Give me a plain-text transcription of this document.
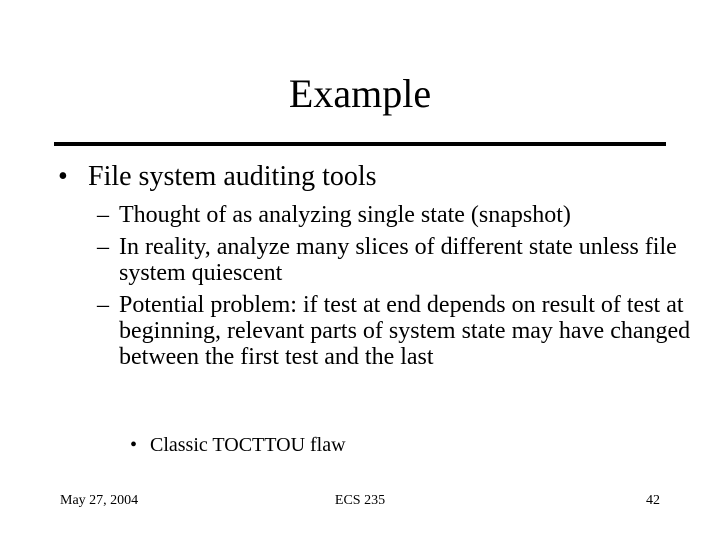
Example
• File system auditing tools
– Thought of as analyzing single state (snapshot)
– In reality, analyze many slices of different state unless file system quiescent
– Potential problem: if test at end depends on result of test at beginning, relevant parts of system state may have changed between the first test and the last
• Classic TOCTTOU flaw
May 27, 2004	ECS 235	42
